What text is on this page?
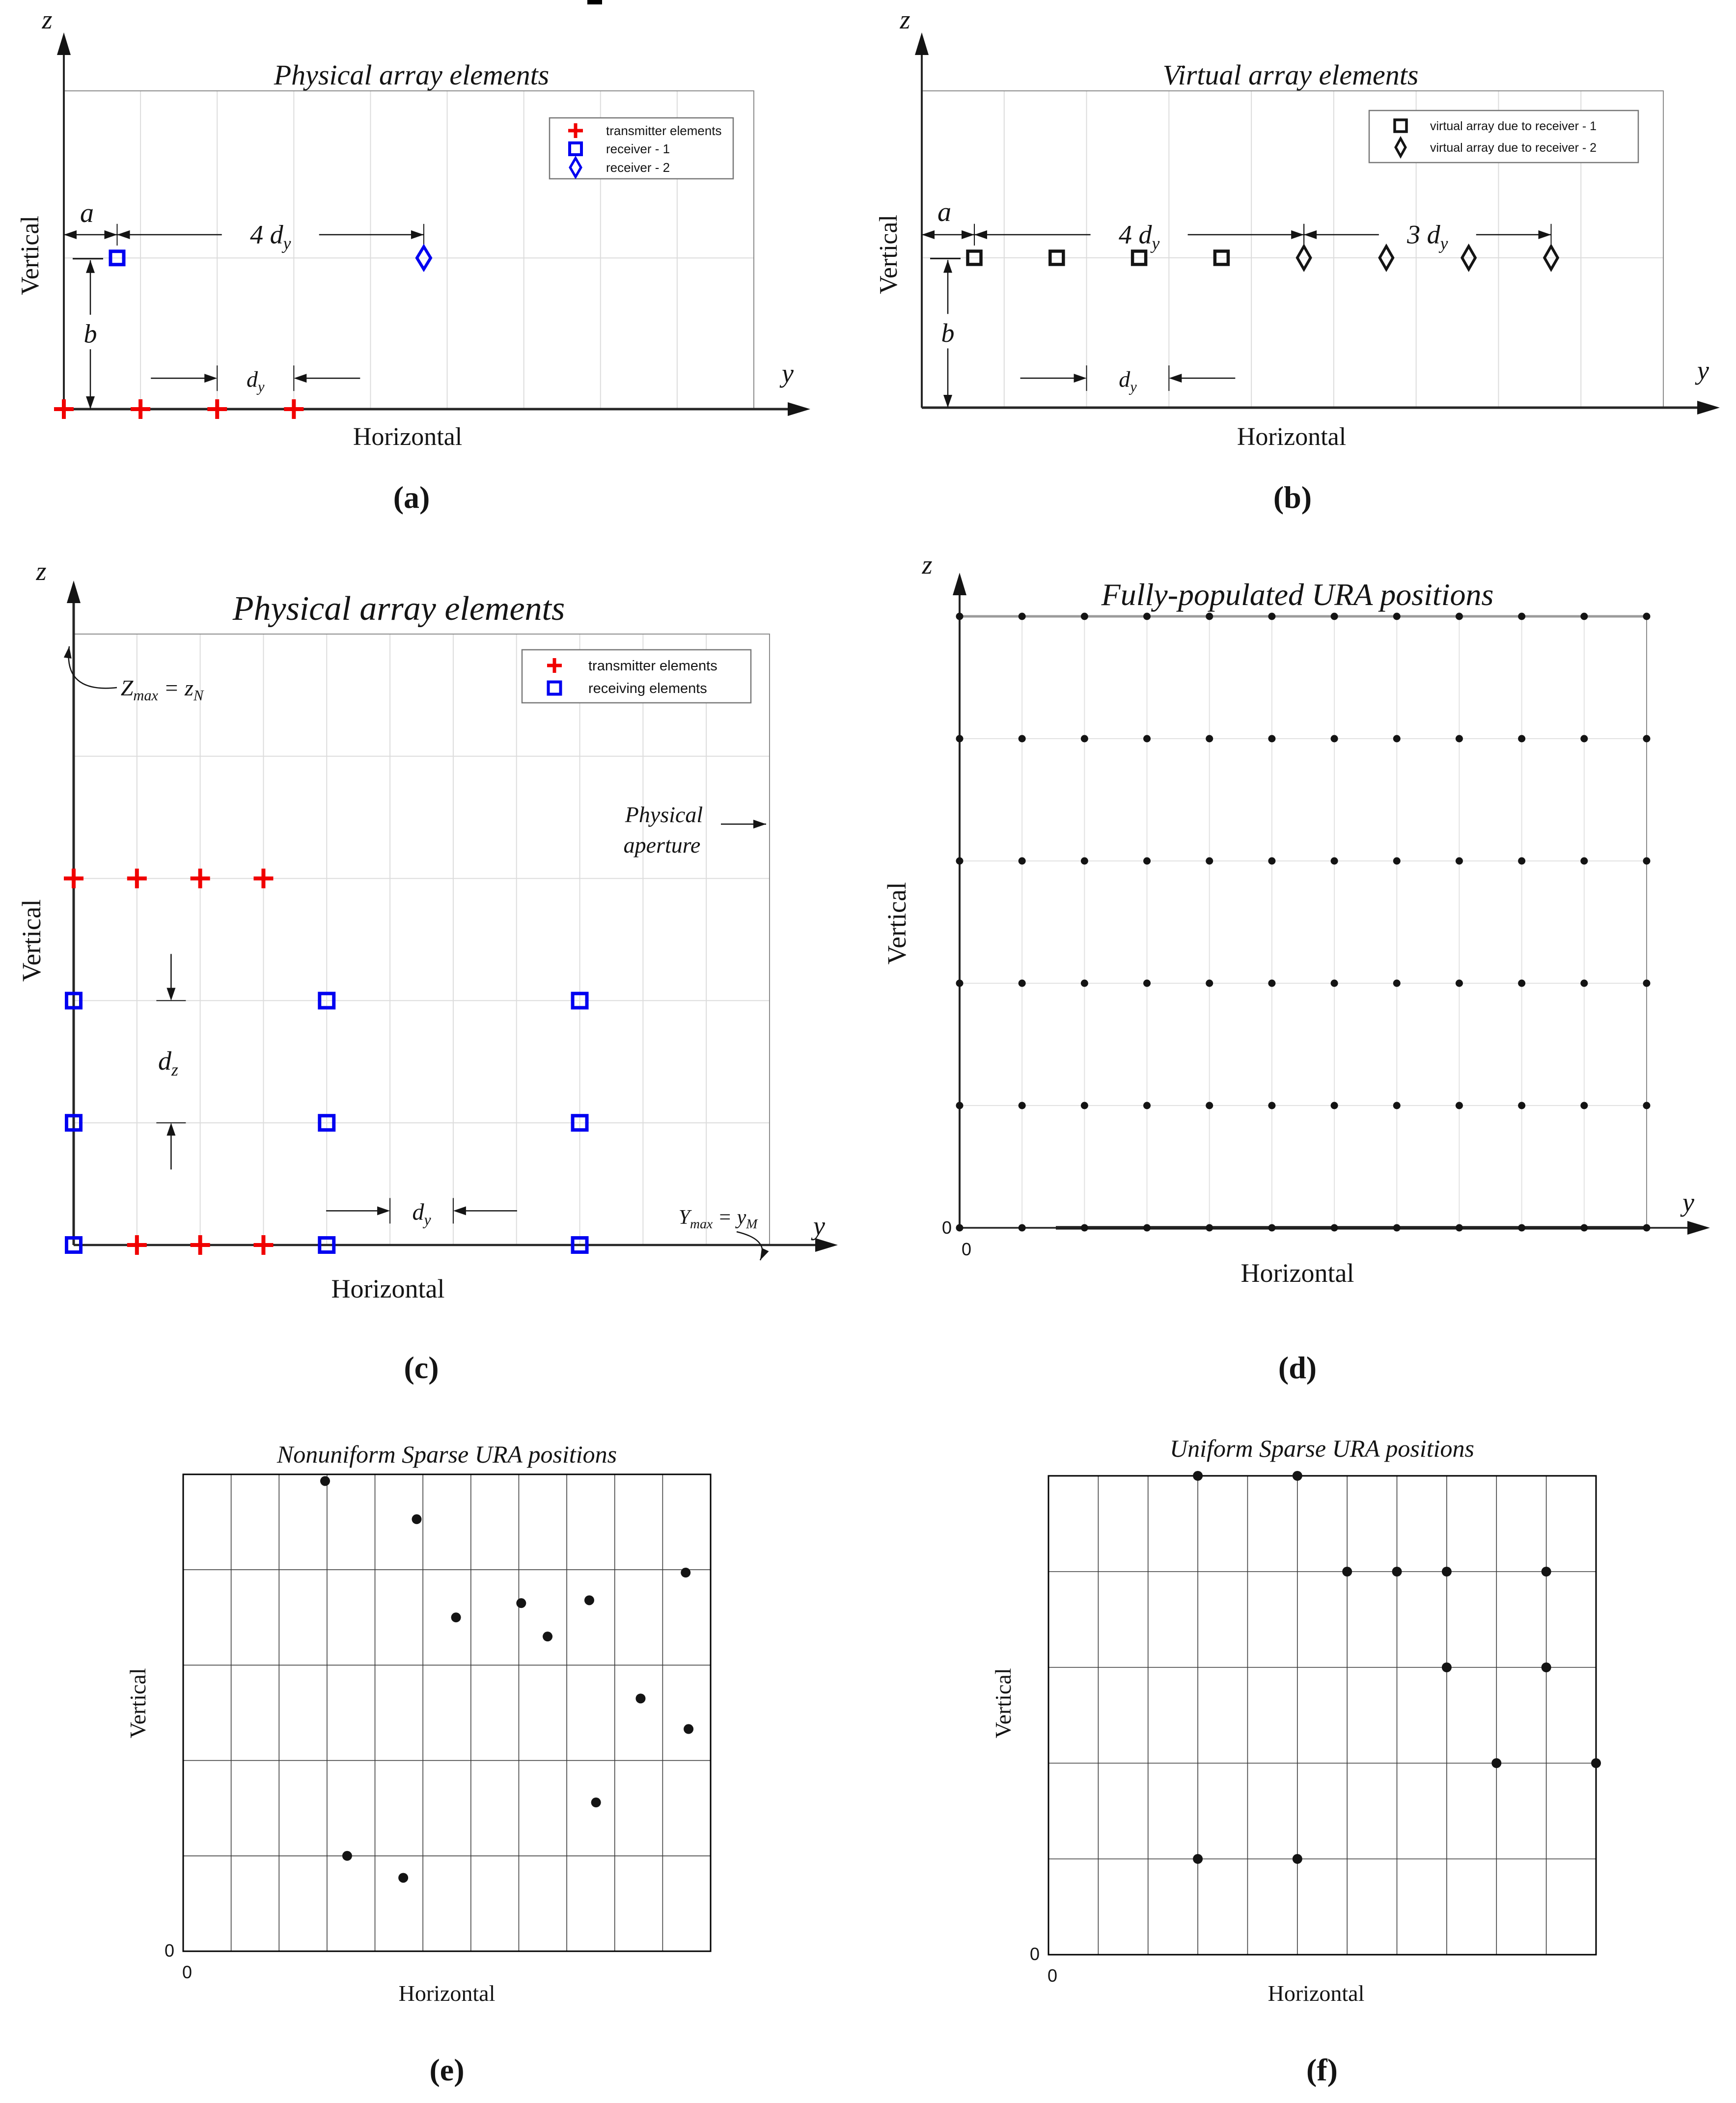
y
z
a
4 $d_y$
b
$d_y$
transmitter elements
receiver - 1
receiver - 2
Physical array elements
Vertical
Horizontal
(a)
y
z
a
4 $d_y$	3 $d_y$
b
$d_y$
virtual array due to receiver - 1
virtual array due to receiver - 2
Virtual array elements
Vertical
Horizontal
(b)
y
z
$Z_{max} = z_N$
Physical
aperture
$d_z$
$d_y$	$Y_{max} = y_M$
transmitter elements
receiving elements
Physical array elements
Vertical
Horizontal
(c)
y
z
Fully-populated URA positions
Vertical
Horizontal
(d)
0
0
Nonuniform Sparse URA positions
Vertical
Horizontal
(e)
0
0
Uniform Sparse URA positions
Vertical
Horizontal
(f)
0
0
